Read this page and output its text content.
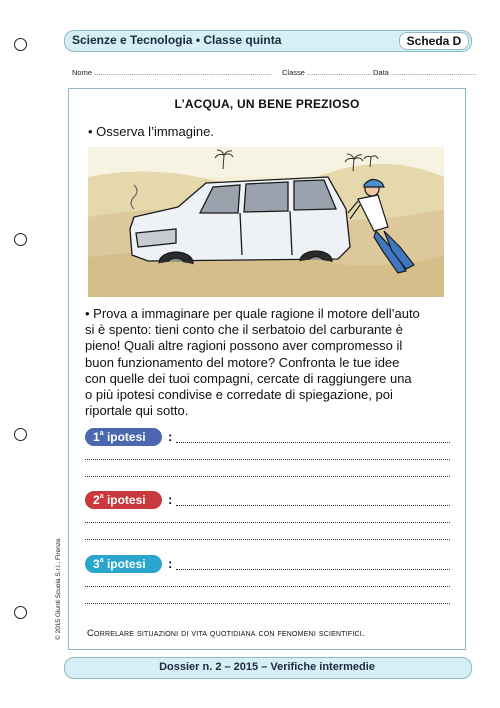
Scienze e Tecnologia • Classe quinta	Scheda D
Nome ..................................................................................... Classe ............................... Data .........................................
L’ACQUA, UN BENE PREZIOSO
• Osserva l’immagine.
• Prova a immaginare per quale ragione il motore dell’auto
si è spento: tieni conto che il serbatoio del carburante è
pieno! Quali altre ragioni possono aver compromesso il
buon funzionamento del motore? Confronta le tue idee
con quelle dei tuoi compagni, cercate di raggiungere una
o più ipotesi condivise e corredate di spiegazione, poi
riportale qui sotto.
1$^a$ ipotesi	:
2$^a$ ipotesi	:
3$^a$ ipotesi	:
Correlare situazioni di vita quotidiana con fenomeni scientifici.
© 2015 Giunti Scuola S.r.l., Firenze
Dossier n. 2 – 2015 – Verifiche intermedie
